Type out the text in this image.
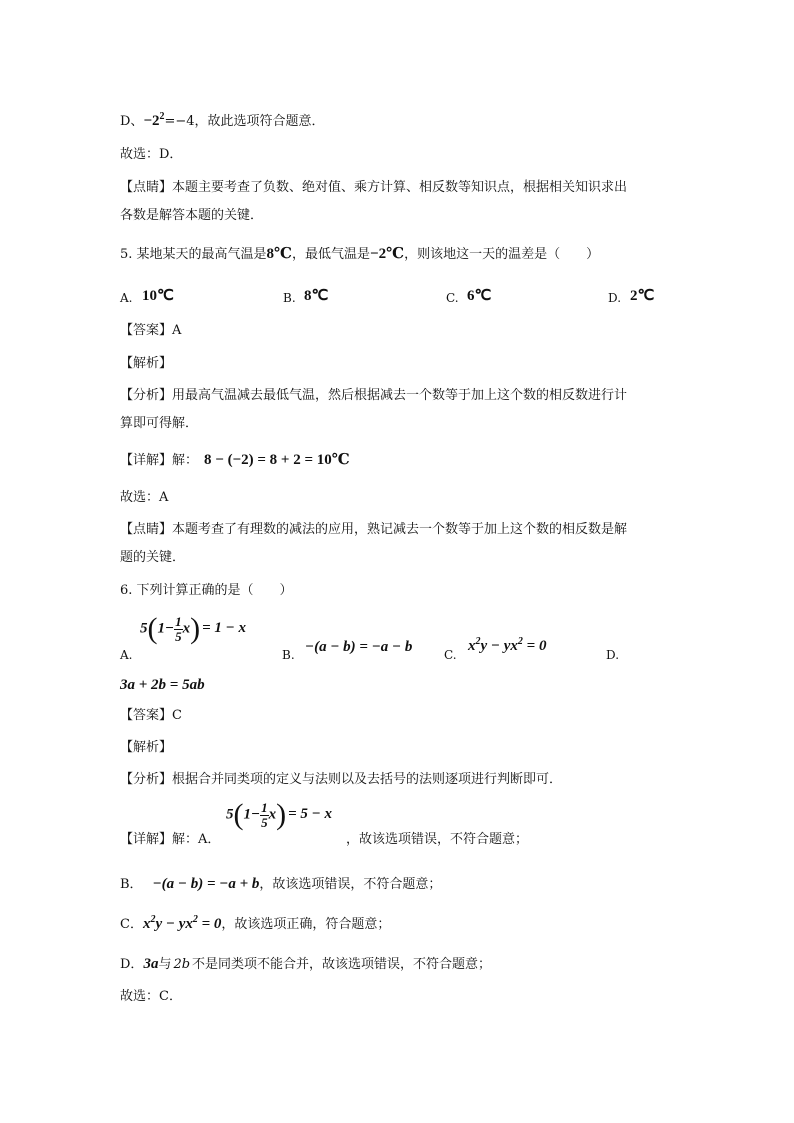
D、$-2^2=-4$，故此选项符合题意．
故选：D．
【点睛】本题主要考查了负数、绝对值、乘方计算、相反数等知识点，根据相关知识求出
各数是解答本题的关键．
5. 某地某天的最高气温是8℃，最低气温是−2℃，则该地这一天的温差是（　　）
A. 10℃	B. 8℃	C. 6℃	D. 2℃
【答案】A
【解析】
【分析】用最高气温减去最低气温，然后根据减去一个数等于加上这个数的相反数进行计
算即可得解．
【详解】解： 8 − (−2) = 8 + 2 = 10℃
故选：A
【点睛】本题考查了有理数的减法的应用，熟记减去一个数等于加上这个数的相反数是解
题的关键．
6. 下列计算正确的是（　　）
$5(1- \frac{1}{5} x) = 1 - x$
A.	B. −(a − b) = −a − b	C.
$x^2y - yx^2 = 0$
D.
3a + 2b = 5ab
【答案】C
【解析】
【分析】根据合并同类项的定义与法则以及去括号的法则逐项进行判断即可．
【详解】解：A．
$5(1- \frac{1}{5} x) = 5 - x$
，故该选项错误，不符合题意；
B． −(a − b) = −a + b，故该选项错误，不符合题意；
C．$x^2y - yx^2 = 0$，故该选项正确，符合题意；
D．3a与 2b 不是同类项不能合并，故该选项错误，不符合题意；
故选：C．
